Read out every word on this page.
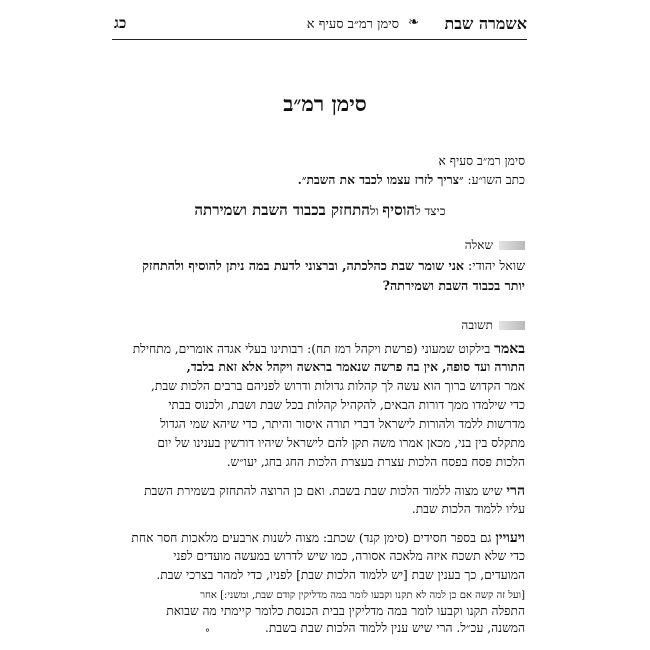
אשמרה שבת
❧
סימן רמ״ב סעיף א
כג
סימן רמ״ב
סימן רמ״ב סעיף א
כתב השו״ע: ״צריך לזרז עצמו לכבד את השבת״.
כיצד להוסיף ולהתחזק בכבוד השבת ושמירתה
שאלה
שואל יהודי: אני שומר שבת כהלכתה, וברצוני לדעת במה ניתן להוסיף ולהתחזק
יותר בכבוד השבת ושמירתה?
תשובה
באמר בילקוט שמעוני (פרשת ויקהל רמז תח): רבותינו בעלי אגדה אומרים, מתחילת
התורה ועד סופה, אין בה פרשה שנאמר בראשה ויקהל אלא זאת בלבד,
אמר הקדוש ברוך הוא עשה לך קהלות גדולות ודרוש לפניהם ברבים הלכות שבת,
כדי שילמדו ממך דורות הבאים, להקהיל קהלות בכל שבת ושבת, ולכנוס בבתי
מדרשות ללמד ולהורות לישראל דברי תורה איסור והיתר, כדי שיהא שמי הגדול
מתקלס בין בני, מכאן אמרו משה תקן להם לישראל שיהיו דורשין בענינו של יום
הלכות פסח בפסח הלכות עצרת בעצרת הלכות החג בחג, יעו״ש.
הרי שיש מצוה ללמוד הלכות שבת בשבת. ואם כן הרוצה להתחזק בשמירת השבת
עליו ללמוד הלכות שבת.
ויעויין גם בספר חסידים (סימן קנד) שכתב: מצוה לשנות ארבעים מלאכות חסר אחת
כדי שלא תשכח איזה מלאכה אסורה, כמו שיש לדרוש במעשה מועדים לפני
המועדים, כך בענין שבת [יש ללמוד הלכות שבת] לפניו, כדי למהר בצרכי שבת.
[ועל זה קשה אם כן למה לא תקנו וקבעו לומר במה מדליקין קודם שבת, ומשני:] אחר
התפלה תקנו וקבעו לומר במה מדליקין בבית הכנסת כלומר קיימתי מה שבואת
המשנה, עכ״ל. הרי שיש ענין ללמוד הלכות שבת בשבת.
°
